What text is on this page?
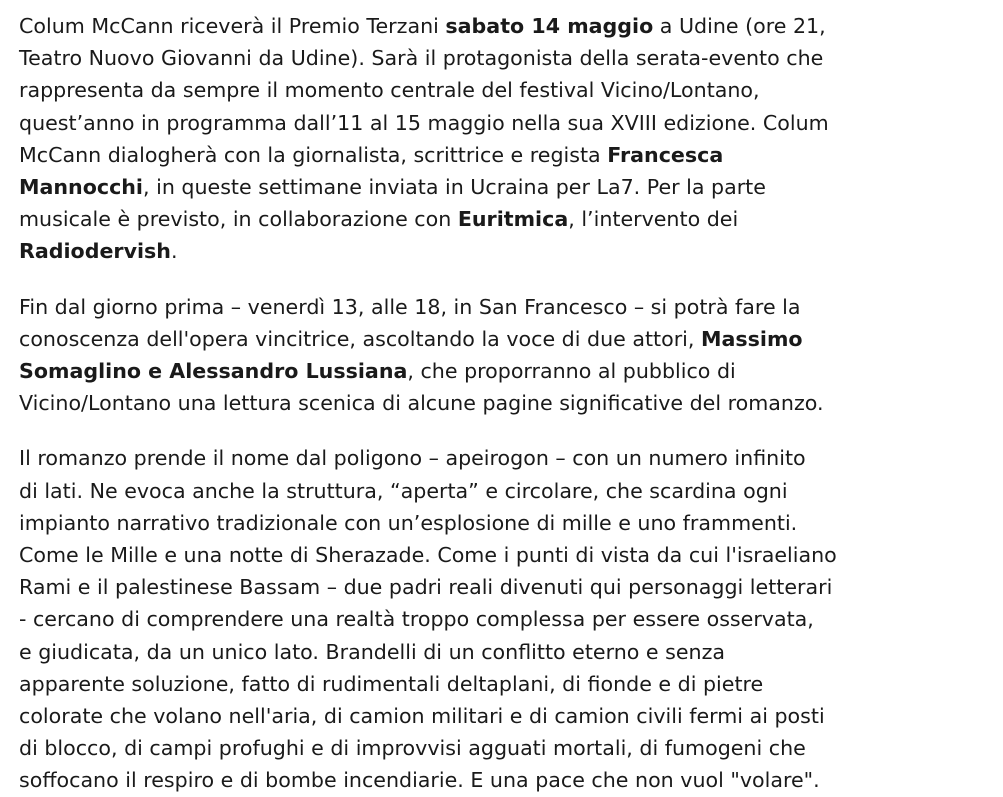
Colum McCann riceverà il Premio Terzani sabato 14 maggio a Udine (ore 21,
Teatro Nuovo Giovanni da Udine). Sarà il protagonista della serata-evento che
rappresenta da sempre il momento centrale del festival Vicino/Lontano,
quest’anno in programma dall’11 al 15 maggio nella sua XVIII edizione. Colum
McCann dialogherà con la giornalista, scrittrice e regista Francesca
Mannocchi, in queste settimane inviata in Ucraina per La7. Per la parte
musicale è previsto, in collaborazione con Euritmica, l’intervento dei
Radiodervish.

Fin dal giorno prima – venerdì 13, alle 18, in San Francesco – si potrà fare la
conoscenza dell'opera vincitrice, ascoltando la voce di due attori, Massimo
Somaglino e Alessandro Lussiana, che proporranno al pubblico di
Vicino/Lontano una lettura scenica di alcune pagine significative del romanzo.

Il romanzo prende il nome dal poligono – apeirogon – con un numero infinito
di lati. Ne evoca anche la struttura, “aperta” e circolare, che scardina ogni
impianto narrativo tradizionale con un’esplosione di mille e uno frammenti.
Come le Mille e una notte di Sherazade. Come i punti di vista da cui l'israeliano
Rami e il palestinese Bassam – due padri reali divenuti qui personaggi letterari
- cercano di comprendere una realtà troppo complessa per essere osservata,
e giudicata, da un unico lato. Brandelli di un conflitto eterno e senza
apparente soluzione, fatto di rudimentali deltaplani, di fionde e di pietre
colorate che volano nell'aria, di camion militari e di camion civili fermi ai posti
di blocco, di campi profughi e di improvvisi agguati mortali, di fumogeni che
soffocano il respiro e di bombe incendiarie. E una pace che non vuol "volare".
